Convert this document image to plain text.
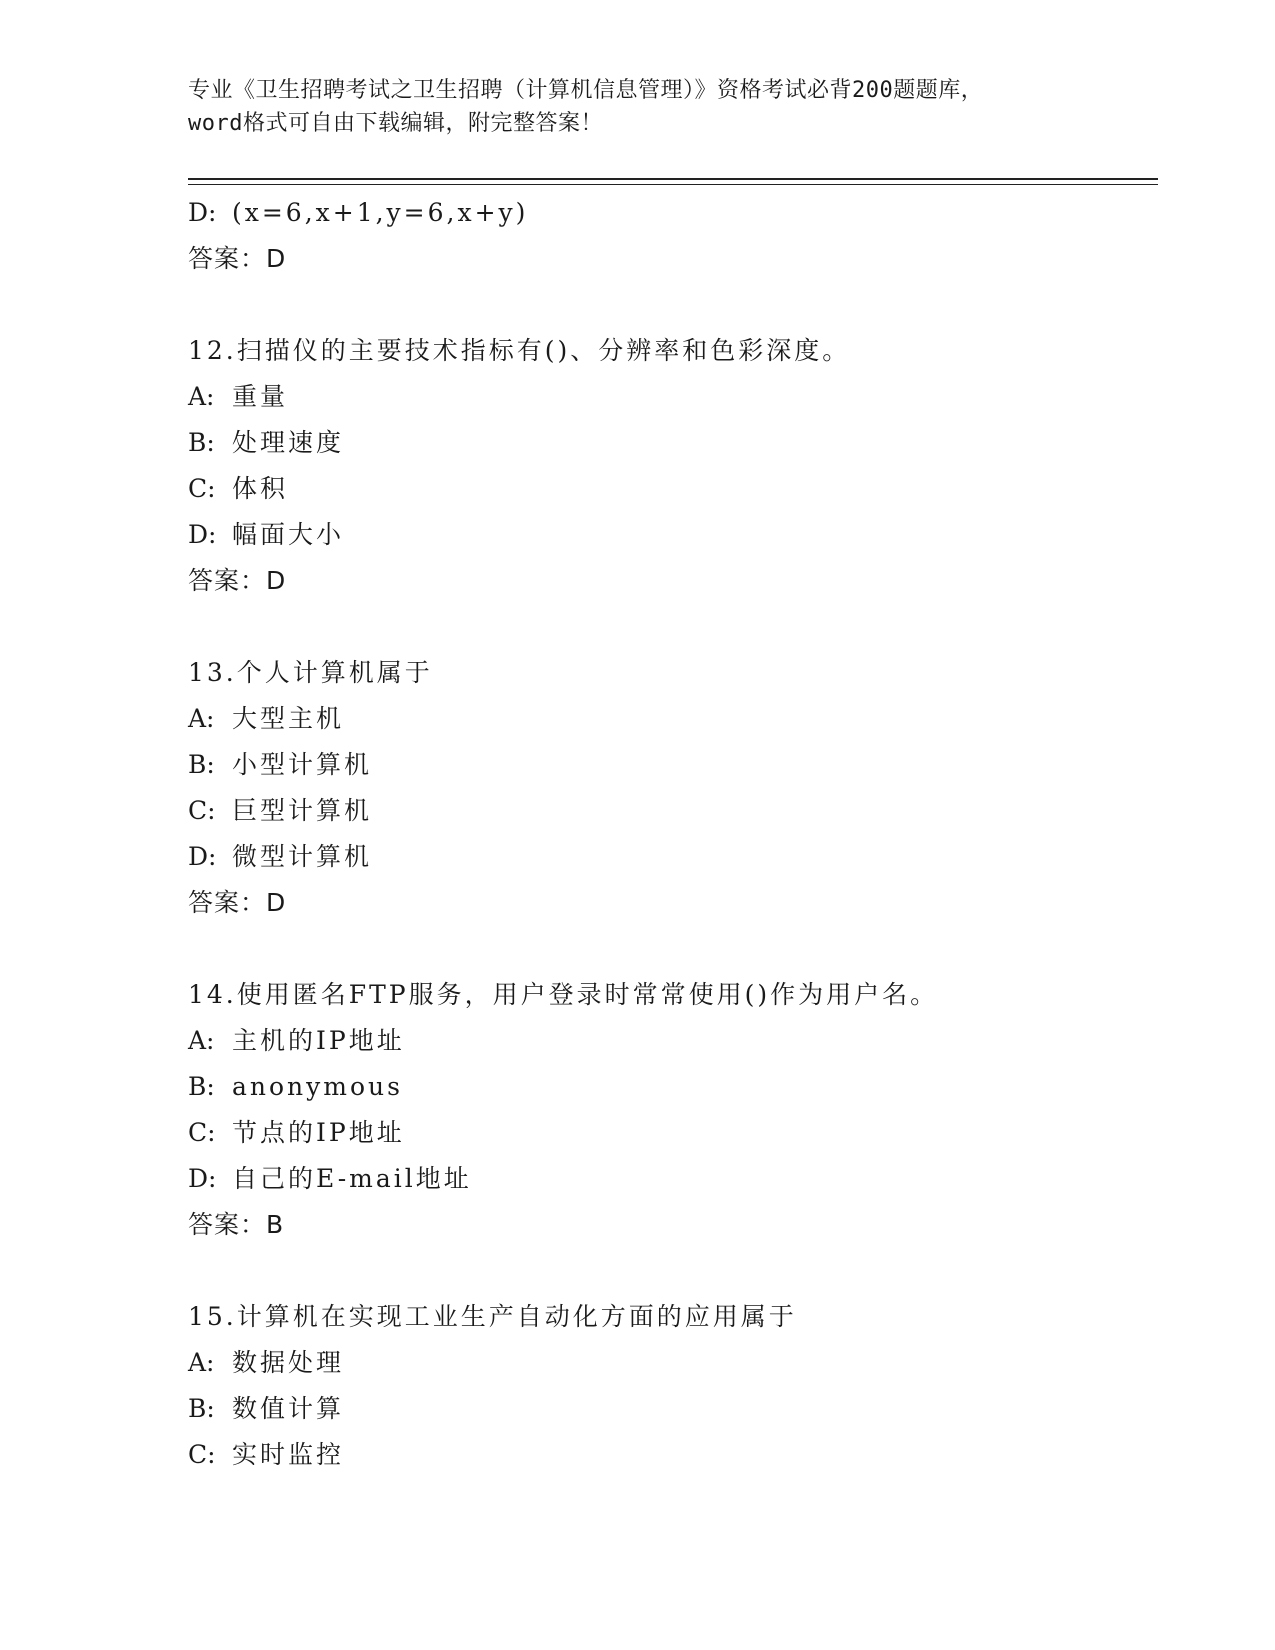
专业《卫生招聘考试之卫生招聘（计算机信息管理）》资格考试必背200题题库，
word格式可自由下载编辑，附完整答案！
D: (x=6,x+1,y=6,x+y)
答案：D
12.扫描仪的主要技术指标有()、分辨率和色彩深度。
A: 重量
B: 处理速度
C: 体积
D: 幅面大小
答案：D
13.个人计算机属于
A: 大型主机
B: 小型计算机
C: 巨型计算机
D: 微型计算机
答案：D
14.使用匿名FTP服务，用户登录时常常使用()作为用户名。
A: 主机的IP地址
B: anonymous
C: 节点的IP地址
D: 自己的E-mail地址
答案：B
15.计算机在实现工业生产自动化方面的应用属于
A: 数据处理
B: 数值计算
C: 实时监控
